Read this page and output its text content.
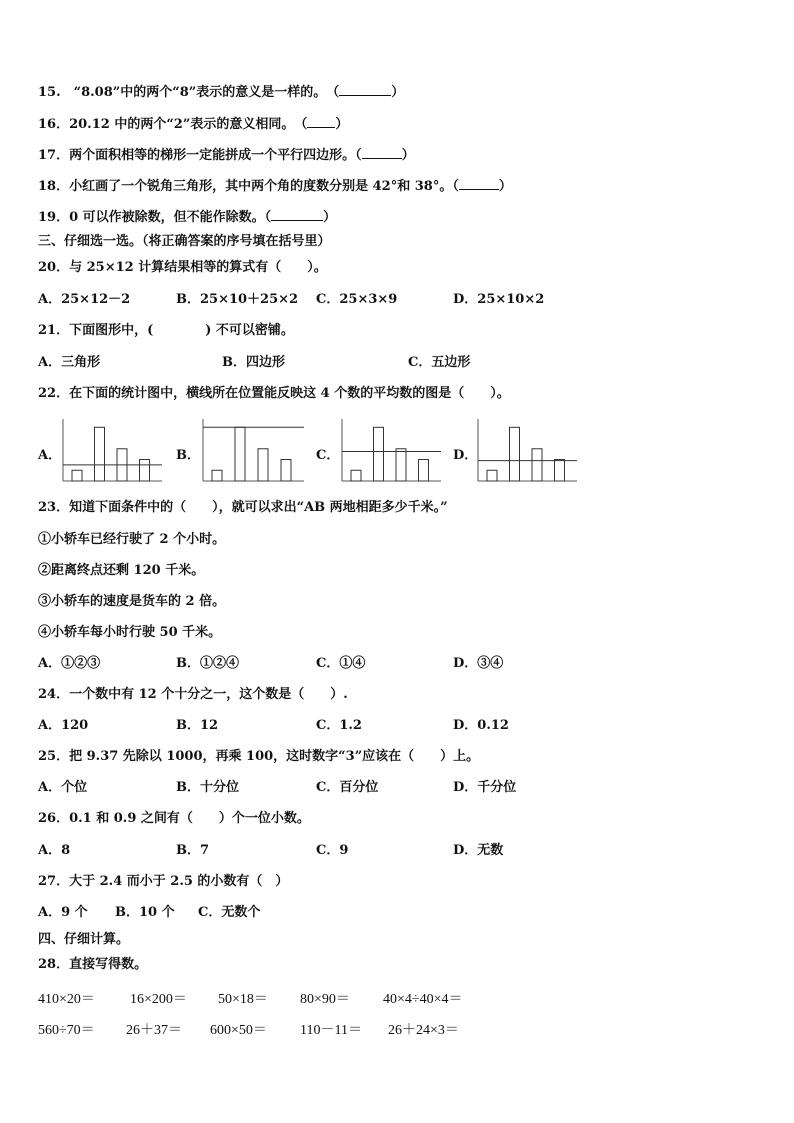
15.　“8.08”中的两个“8”表示的意义是一样的。　（	）
16．20.12 中的两个“2”表示的意义相同。　（ ）
17．两个面积相等的梯形一定能拼成一个平行四边形。（	）
18．小红画了一个锐角三角形，其中两个角的度数分别是 42°和 38°。（	）
19．0 可以作被除数，但不能作除数。（	）
三、仔细选一选。（将正确答案的序号填在括号里）
20．与 25×12 计算结果相等的算式有（　　）。
A．25×12－2	B．25×10＋25×2 C．25×3×9	D．25×10×2
21．下面图形中，(　　　　) 不可以密铺。
A．三角形	B．四边形	C．五边形
22．在下面的统计图中，横线所在位置能反映这 4 个数的平均数的图是（　　）。
A．	B．	C．	D．
23．知道下面条件中的（　　），就可以求出“AB 两地相距多少千米。”
①小轿车已经行驶了 2 个小时。
②距离终点还剩 120 千米。
③小轿车的速度是货车的 2 倍。
④小轿车每小时行驶 50 千米。
A．①②③	B．①②④	C．①④	D．③④
24．一个数中有 12 个十分之一，这个数是（　　）.
A．120	B．12	C．1.2	D．0.12
25．把 9.37 先除以 1000，再乘 100，这时数字“3”应该在（　　）上。
A．个位	B．十分位	C．百分位	D．千分位
26．0.1 和 0.9 之间有（　　）个一位小数。
A．8	B．7	C．9	D．无数
27．大于 2.4 而小于 2.5 的小数有（　）
A．9 个 B．10 个 C．无数个
四、仔细计算。
28．直接写得数。
410×20＝	16×200＝ 50×18＝ 80×90＝ 40×4÷40×4＝
560÷70＝ 26＋37＝ 600×50＝ 110－11＝ 26＋24×3＝
